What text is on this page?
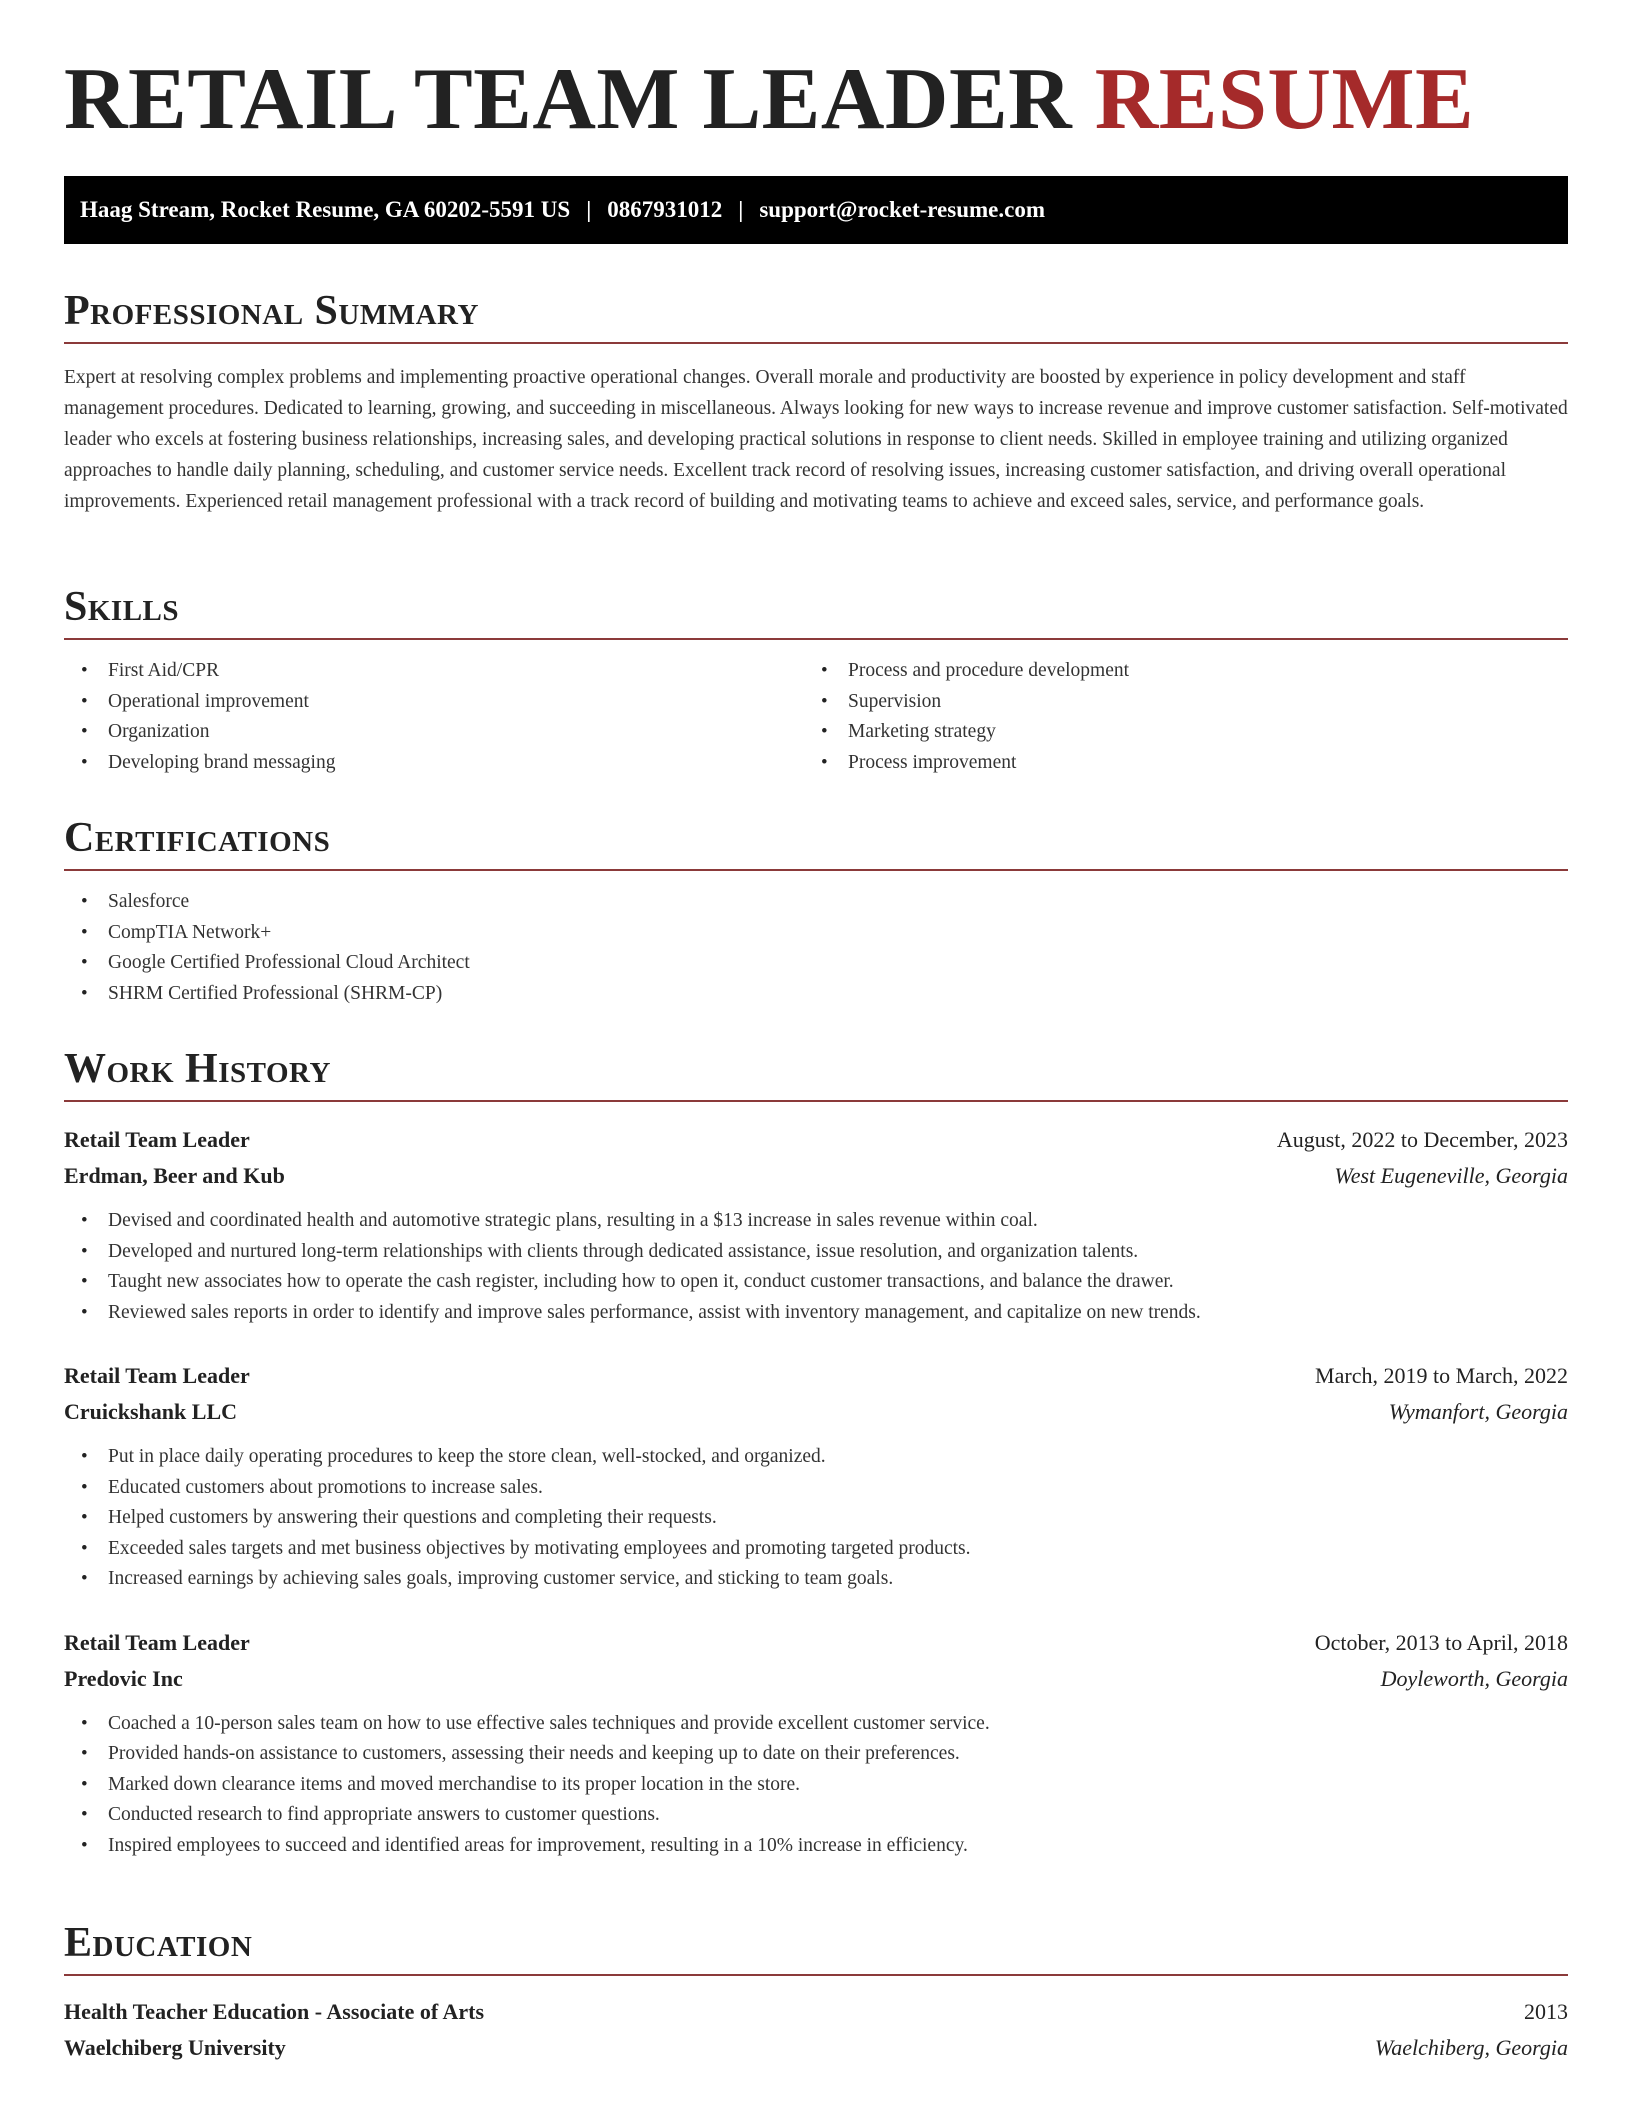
RETAIL TEAM LEADER RESUME
Haag Stream, Rocket Resume, GA 60202-5591 US | 0867931012 | support@rocket-resume.com
Professional Summary

Expert at resolving complex problems and implementing proactive operational changes. Overall morale and productivity are boosted by experience in policy development and staff management procedures. Dedicated to learning, growing, and succeeding in miscellaneous. Always looking for new ways to increase revenue and improve customer satisfaction. Self-motivated leader who excels at fostering business relationships, increasing sales, and developing practical solutions in response to client needs. Skilled in employee training and utilizing organized approaches to handle daily planning, scheduling, and customer service needs. Excellent track record of resolving issues, increasing customer satisfaction, and driving overall operational improvements. Experienced retail management professional with a track record of building and motivating teams to achieve and exceed sales, service, and performance goals.

Skills
• First Aid/CPR
• Operational improvement
• Organization
• Developing brand messaging
• Process and procedure development
• Supervision
• Marketing strategy
• Process improvement
Certifications
• Salesforce
• CompTIA Network+
• Google Certified Professional Cloud Architect
• SHRM Certified Professional (SHRM-CP)
Work History
Retail Team Leader	August, 2022 to December, 2023
Erdman, Beer and Kub	West Eugeneville, Georgia
• Devised and coordinated health and automotive strategic plans, resulting in a $13 increase in sales revenue within coal.
• Developed and nurtured long-term relationships with clients through dedicated assistance, issue resolution, and organization talents.
• Taught new associates how to operate the cash register, including how to open it, conduct customer transactions, and balance the drawer.
• Reviewed sales reports in order to identify and improve sales performance, assist with inventory management, and capitalize on new trends.
Retail Team Leader	March, 2019 to March, 2022
Cruickshank LLC	Wymanfort, Georgia
• Put in place daily operating procedures to keep the store clean, well-stocked, and organized.
• Educated customers about promotions to increase sales.
• Helped customers by answering their questions and completing their requests.
• Exceeded sales targets and met business objectives by motivating employees and promoting targeted products.
• Increased earnings by achieving sales goals, improving customer service, and sticking to team goals.
Retail Team Leader	October, 2013 to April, 2018
Predovic Inc	Doyleworth, Georgia
• Coached a 10-person sales team on how to use effective sales techniques and provide excellent customer service.
• Provided hands-on assistance to customers, assessing their needs and keeping up to date on their preferences.
• Marked down clearance items and moved merchandise to its proper location in the store.
• Conducted research to find appropriate answers to customer questions.
• Inspired employees to succeed and identified areas for improvement, resulting in a 10% increase in efficiency.
Education
Health Teacher Education - Associate of Arts	2013
Waelchiberg University	Waelchiberg, Georgia
